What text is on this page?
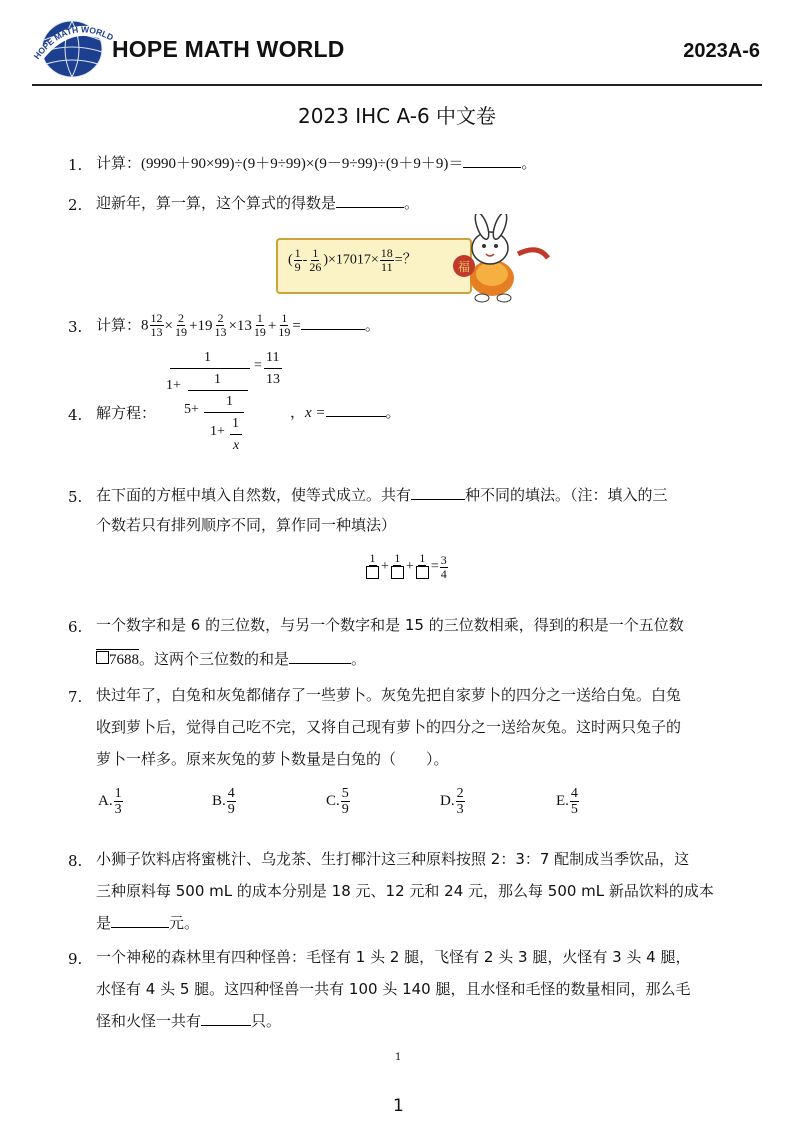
HOPE MATH WORL
HOPE MATH WORLD	2023A-6
2023 IHC A-6 中文卷
1. 计算：(9990＋90×99)÷(9＋9÷99)×(9－9÷99)÷(9＋9＋9)＝	。
2. 迎新年，算一算，这个算式的得数是	。
( $\frac{1}{9} - \frac{1}{26} )\times 17017\times \frac{18}{11}$ =？	福
3. 计算：$8 \frac{12}{13} \times \frac{2}{19} +19 \frac{2}{13} \times 13 \frac{1}{19} + \frac{1}{19}$ =	。
4. 解方程：
1
1+ 1
5+
1
1+
1
x
=
11
13
，x =	。
5. 在下面的方框中填入自然数，使等式成立。共有	种不同的填法。（注：填入的三
个数若只有排列顺序不同，算作同一种填法）
1
+
1
+
1
= $\frac{3}{4}$
6. 一个数字和是 6 的三位数，与另一个数字和是 15 的三位数相乘，得到的积是一个五位数
7688。这两个三位数的和是	。
7. 快过年了，白兔和灰兔都储存了一些萝卜。灰兔先把自家萝卜的四分之一送给白兔。白兔
收到萝卜后，觉得自己吃不完，又将自己现有萝卜的四分之一送给灰兔。这时两只兔子的
萝卜一样多。原来灰兔的萝卜数量是白兔的（　　）。
A. $\frac{1}{3}$	B. $\frac{4}{9}$	C. $\frac{5}{9}$	D. $\frac{2}{3}$	E. $\frac{4}{5}$
8. 小狮子饮料店将蜜桃汁、乌龙茶、生打椰汁这三种原料按照 2：3：7 配制成当季饮品，这
三种原料每 500 mL 的成本分别是 18 元、12 元和 24 元，那么每 500 mL 新品饮料的成本
是	元。
9. 一个神秘的森林里有四种怪兽：毛怪有 1 头 2 腿，飞怪有 2 头 3 腿，火怪有 3 头 4 腿，
水怪有 4 头 5 腿。这四种怪兽一共有 100 头 140 腿，且水怪和毛怪的数量相同，那么毛
怪和火怪一共有	只。
1
1
